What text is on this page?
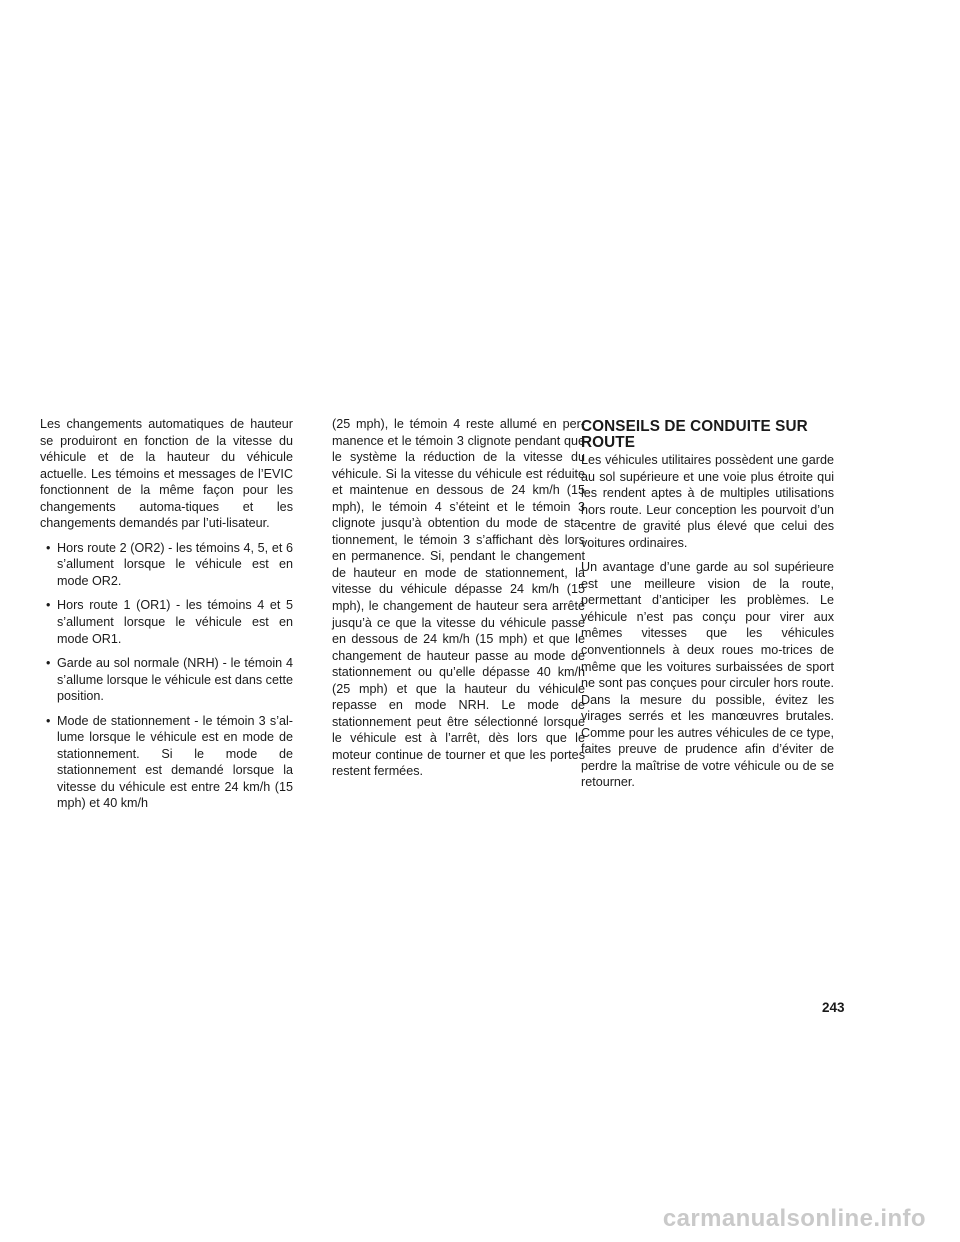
Les changements automatiques de hauteur se produiront en fonction de la vitesse du véhicule et de la hauteur du véhicule actuelle. Les témoins et messages de l’EVIC fonctionnent de la même façon pour les changements automa-tiques et les changements demandés par l’uti-lisateur.

• Hors route 2 (OR2) - les témoins 4, 5, et 6 s’allument lorsque le véhicule est en mode OR2.
• Hors route 1 (OR1) - les témoins 4 et 5 s’allument lorsque le véhicule est en mode OR1.
• Garde au sol normale (NRH) - le témoin 4 s’allume lorsque le véhicule est dans cette position.
• Mode de stationnement - le témoin 3 s’al-lume lorsque le véhicule est en mode de stationnement. Si le mode de stationnement est demandé lorsque la vitesse du véhicule est entre 24 km/h (15 mph) et 40 km/h

(25 mph), le témoin 4 reste allumé en per-manence et le témoin 3 clignote pendant que le système la réduction de la vitesse du véhicule. Si la vitesse du véhicule est réduite et maintenue en dessous de 24 km/h (15 mph), le témoin 4 s’éteint et le témoin 3 clignote jusqu’à obtention du mode de sta-tionnement, le témoin 3 s’affichant dès lors en permanence. Si, pendant le changement de hauteur en mode de stationnement, la vitesse du véhicule dépasse 24 km/h (15 mph), le changement de hauteur sera arrêté jusqu’à ce que la vitesse du véhicule passe en dessous de 24 km/h (15 mph) et que le changement de hauteur passe au mode de stationnement ou qu’elle dépasse 40 km/h (25 mph) et que la hauteur du véhicule repasse en mode NRH. Le mode de stationnement peut être sélectionné lorsque le véhicule est à l’arrêt, dès lors que le moteur continue de tourner et que les portes restent fermées.

CONSEILS DE CONDUITE SUR ROUTE

Les véhicules utilitaires possèdent une garde au sol supérieure et une voie plus étroite qui les rendent aptes à de multiples utilisations hors route. Leur conception les pourvoit d’un centre de gravité plus élevé que celui des voitures ordinaires.

Un avantage d’une garde au sol supérieure est une meilleure vision de la route, permettant d’anticiper les problèmes. Le véhicule n’est pas conçu pour virer aux mêmes vitesses que les véhicules conventionnels à deux roues mo-trices de même que les voitures surbaissées de sport ne sont pas conçues pour circuler hors route. Dans la mesure du possible, évitez les virages serrés et les manœuvres brutales. Comme pour les autres véhicules de ce type, faites preuve de prudence afin d’éviter de perdre la maîtrise de votre véhicule ou de se retourner.

243
carmanualsonline.info
